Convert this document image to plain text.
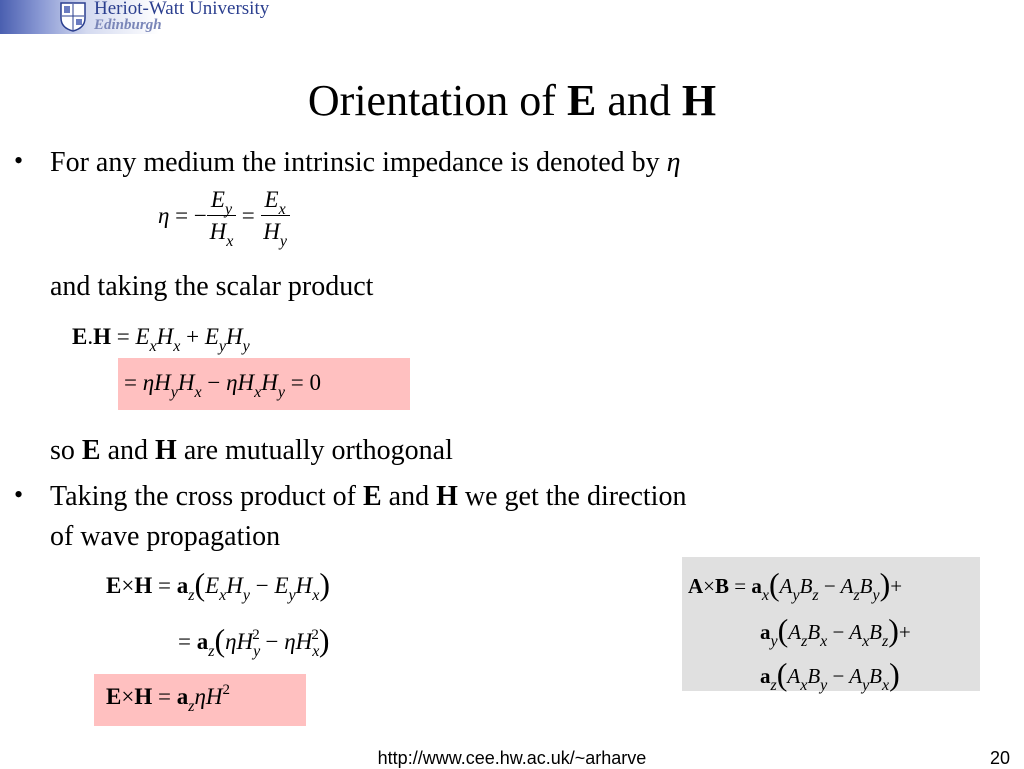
Heriot-Watt University
Edinburgh
Orientation of E and H
• For any medium the intrinsic impedance is denoted by η
η = − $\frac{E_y}{H_x} = \frac{E_x}{H_y}$
and taking the scalar product
$E.H = E_xH_x + E_yH_y$
= $\eta H_yH_x - \eta H_xH_y = 0$
so E and H are mutually orthogonal
• Taking the cross product of E and H we get the direction
of wave propagation
$E\times H = a_z(E_xH_y - E_yH_x)$
= $a_z(\eta H_y^2 - \eta H_x^2)$
$E\times H = a_z\eta H^2$
$A\times B = a_x(A_yB_z - A_zB_y)+$
$a_y(A_zB_x - A_xB_z)+$
$a_z(A_xB_y - A_yB_x)$
http://www.cee.hw.ac.uk/~arharve	20
